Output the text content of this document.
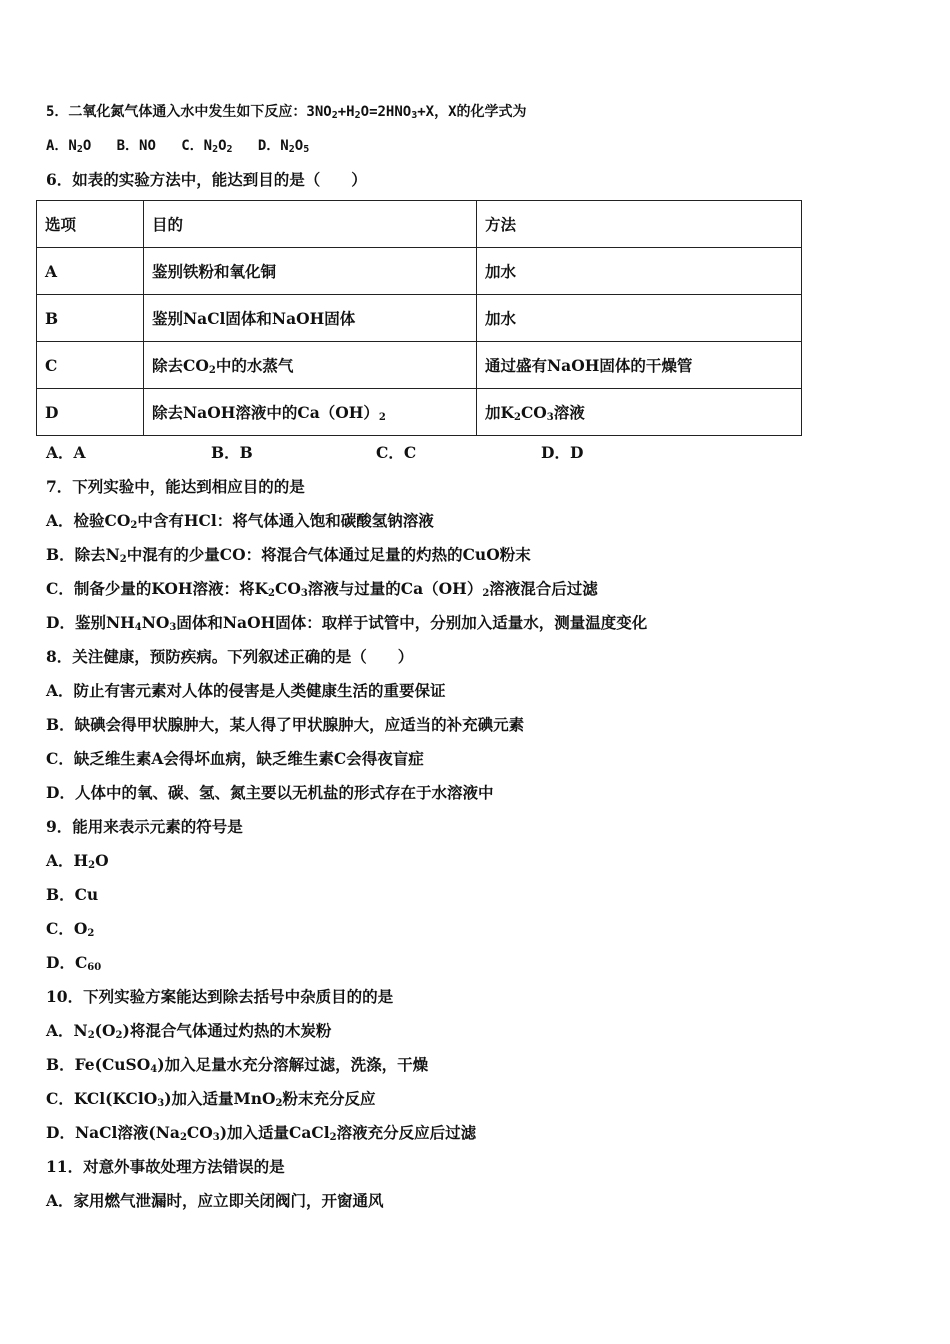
5．二氧化氮气体通入水中发生如下反应：$3NO_2+H_2O=2HNO_3+X$，X的化学式为
A．$N_2O$ B．NO C．$N_2O_2$ D．$N_2O_5$
6．如表的实验方法中，能达到目的是（　　）
选项	目的	方法
A	鉴别铁粉和氧化铜	加水
B	鉴别NaCl固体和NaOH固体	加水
C	除去$CO_2$中的水蒸气	通过盛有NaOH固体的干燥管
D	除去NaOH溶液中的$Ca(OH)_2$	加$K_2CO_3$溶液
A．A	B．B	C．C	D．D
7．下列实验中，能达到相应目的的是
A．检验$CO_2$中含有HCl：将气体通入饱和碳酸氢钠溶液
B．除去$N_2$中混有的少量CO：将混合气体通过足量的灼热的CuO粉末
C．制备少量的KOH溶液：将$K_2CO_3$溶液与过量的$Ca(OH)_2$溶液混合后过滤
D．鉴别$NH_4NO_3$固体和NaOH固体：取样于试管中，分别加入适量水，测量温度变化
8．关注健康，预防疾病。下列叙述正确的是（　　）
A．防止有害元素对人体的侵害是人类健康生活的重要保证
B．缺碘会得甲状腺肿大，某人得了甲状腺肿大，应适当的补充碘元素
C．缺乏维生素A会得坏血病，缺乏维生素C会得夜盲症
D．人体中的氧、碳、氢、氮主要以无机盐的形式存在于水溶液中
9．能用来表示元素的符号是
A．$H_2O$
B．Cu
C．$O_2$
D．$C_{60}$
10．下列实验方案能达到除去括号中杂质目的的是
A．$N_2(O_2)$将混合气体通过灼热的木炭粉
B．Fe(CuSO$_4$)加入足量水充分溶解过滤，洗涤，干燥
C．KCl(KClO$_3$)加入适量MnO$_2$粉末充分反应
D．NaCl溶液$(Na_2CO_3)$加入适量CaCl$_2$溶液充分反应后过滤
11．对意外事故处理方法错误的是
A．家用燃气泄漏时，应立即关闭阀门，开窗通风
